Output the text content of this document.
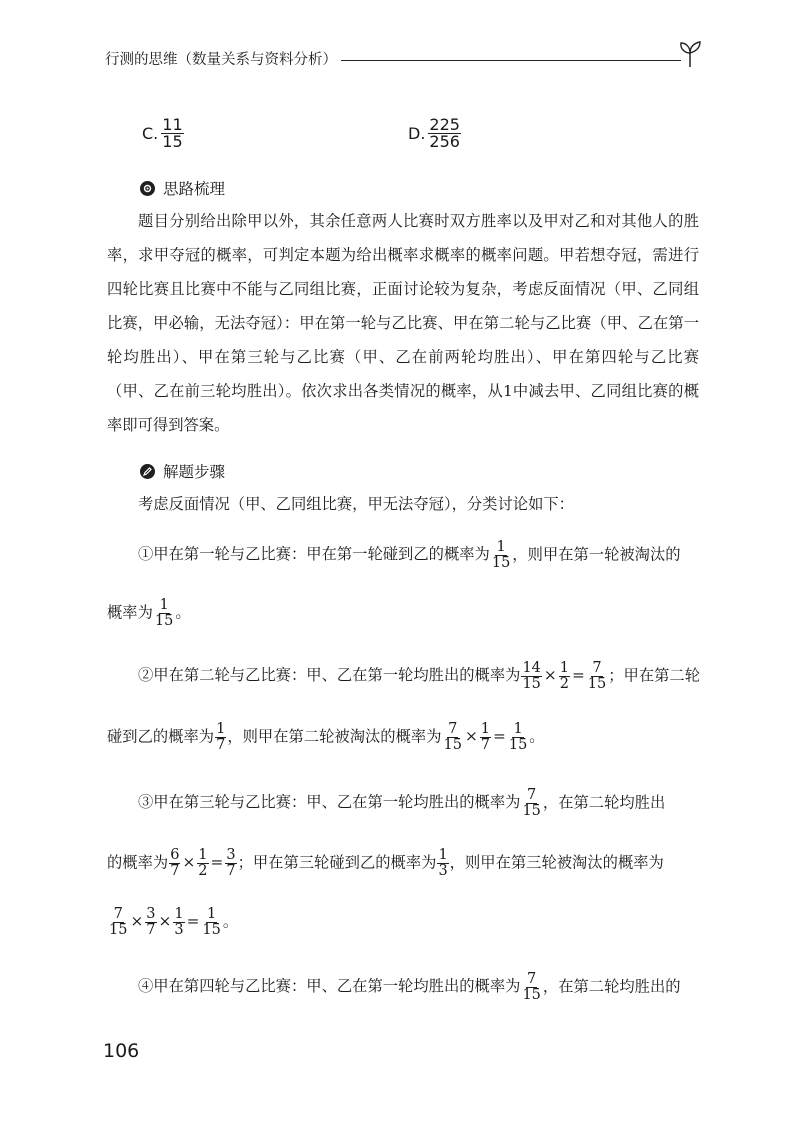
行测的思维（数量关系与资料分析）
C. $\frac{11}{15}$	D. $\frac{225}{256}$
思路梳理

题目分别给出除甲以外，其余任意两人比赛时双方胜率以及甲对乙和对其他人的胜率，求甲夺冠的概率，可判定本题为给出概率求概率的概率问题。甲若想夺冠，需进行四轮比赛且比赛中不能与乙同组比赛，正面讨论较为复杂，考虑反面情况（甲、乙同组比赛，甲必输，无法夺冠）：甲在第一轮与乙比赛、甲在第二轮与乙比赛（甲、乙在第一轮均胜出）、甲在第三轮与乙比赛（甲、乙在前两轮均胜出）、甲在第四轮与乙比赛（甲、乙在前三轮均胜出）。依次求出各类情况的概率，从1中减去甲、乙同组比赛的概率即可得到答案。

解题步骤
考虑反面情况（甲、乙同组比赛，甲无法夺冠），分类讨论如下：
①甲在第一轮与乙比赛：甲在第一轮碰到乙的概率为 $\frac{1}{15}$ ，则甲在第一轮被淘汰的
概率为 $\frac{1}{15}$ 。
②甲在第二轮与乙比赛：甲、乙在第一轮均胜出的概率为 $\frac{14}{15} \times \frac{1}{2} = \frac{7}{15}$ ；甲在第二轮
碰到乙的概率为 $\frac{1}{7}$ ，则甲在第二轮被淘汰的概率为 $\frac{7}{15} \times \frac{1}{7} = \frac{1}{15}$ 。
③甲在第三轮与乙比赛：甲、乙在第一轮均胜出的概率为 $\frac{7}{15}$ ，在第二轮均胜出
的概率为 $\frac{6}{7} \times \frac{1}{2} = \frac{3}{7}$ ；甲在第三轮碰到乙的概率为 $\frac{1}{3}$ ，则甲在第三轮被淘汰的概率为
$\frac{7}{15} \times \frac{3}{7} \times \frac{1}{3} = \frac{1}{15}$ 。
④甲在第四轮与乙比赛：甲、乙在第一轮均胜出的概率为 $\frac{7}{15}$ ，在第二轮均胜出的
106
